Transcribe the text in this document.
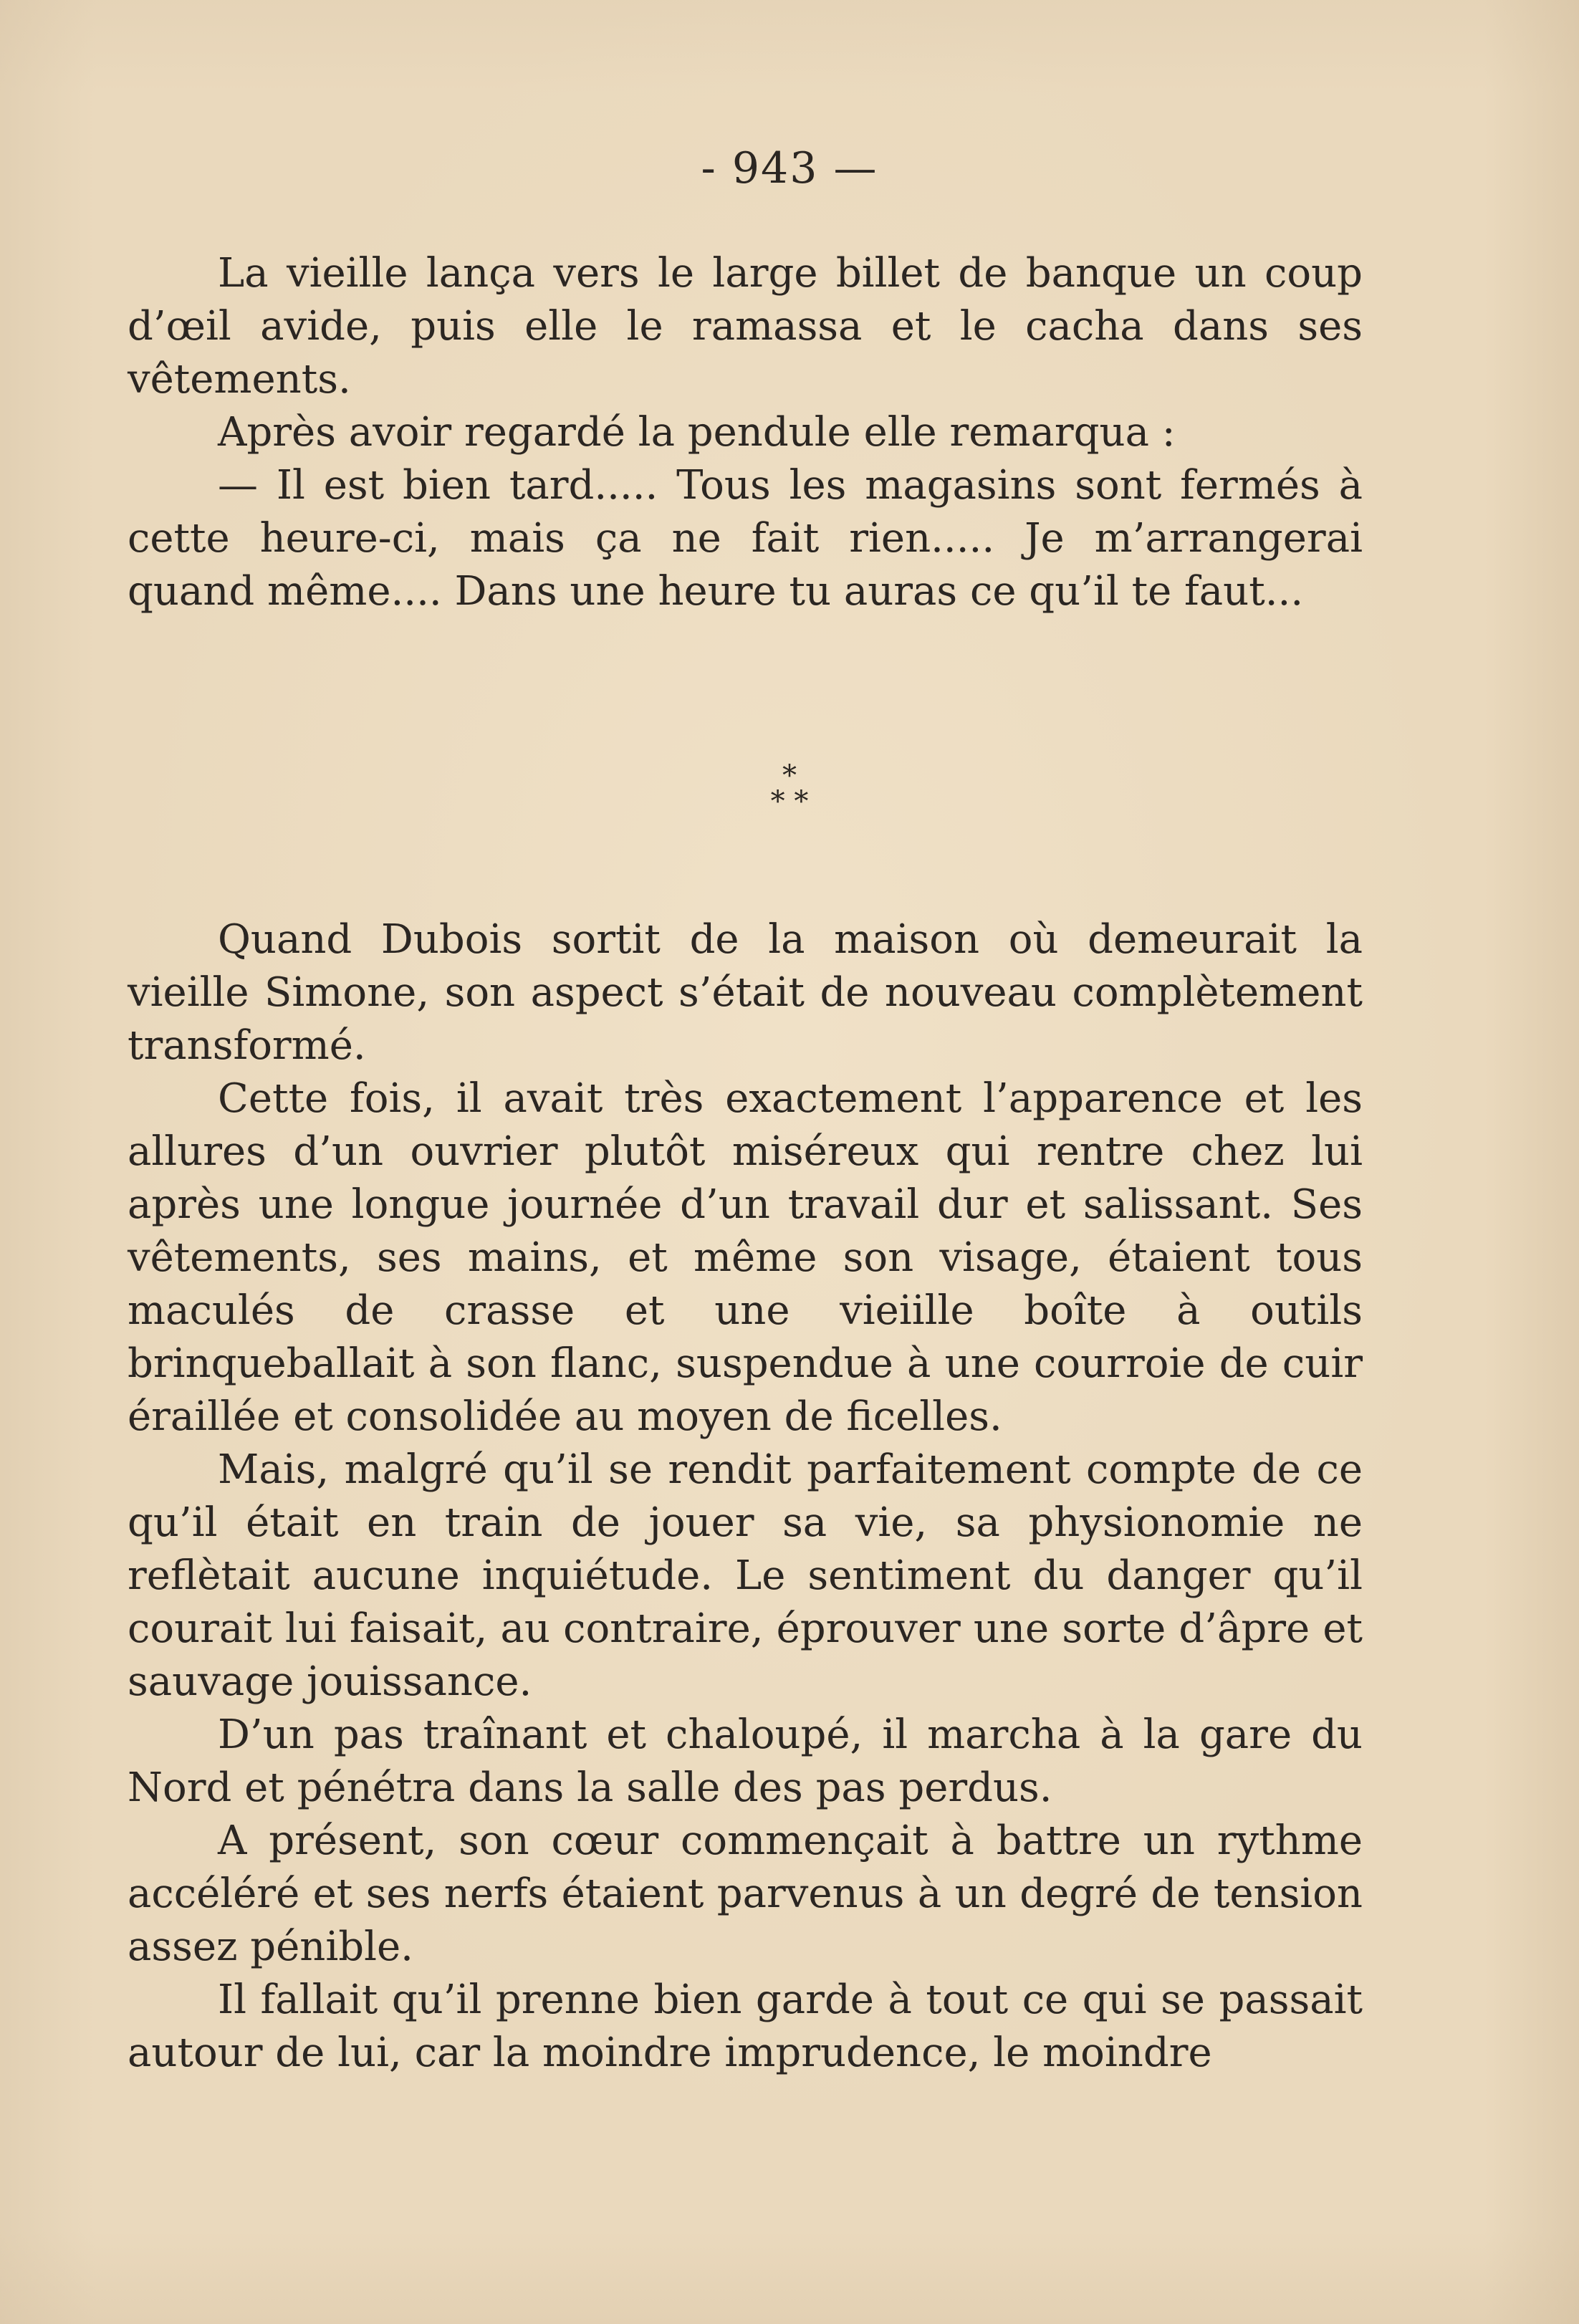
- 943 —

La vieille lança vers le large billet de banque un coup d’œil avide, puis elle le ramassa et le cacha dans ses vêtements.

Après avoir regardé la pendule elle remarqua :

— Il est bien tard..... Tous les magasins sont fermés à cette heure-ci, mais ça ne fait rien..... Je m’arrangerai quand même.... Dans une heure tu auras ce qu’il te faut...

*
* *

Quand Dubois sortit de la maison où demeurait la vieille Simone, son aspect s’était de nouveau complètement transformé.

Cette fois, il avait très exactement l’apparence et les allures d’un ouvrier plutôt miséreux qui rentre chez lui après une longue journée d’un travail dur et salissant. Ses vêtements, ses mains, et même son visage, étaient tous maculés de crasse et une vieiille boîte à outils brinqueballait à son flanc, suspendue à une courroie de cuir éraillée et consolidée au moyen de ficelles.

Mais, malgré qu’il se rendit parfaitement compte de ce qu’il était en train de jouer sa vie, sa physionomie ne reflètait aucune inquiétude. Le sentiment du danger qu’il courait lui faisait, au contraire, éprouver une sorte d’âpre et sauvage jouissance.

D’un pas traînant et chaloupé, il marcha à la gare du Nord et pénétra dans la salle des pas perdus.

A présent, son cœur commençait à battre un rythme accéléré et ses nerfs étaient parvenus à un degré de tension assez pénible.

Il fallait qu’il prenne bien garde à tout ce qui se passait autour de lui, car la moindre imprudence, le moindre
